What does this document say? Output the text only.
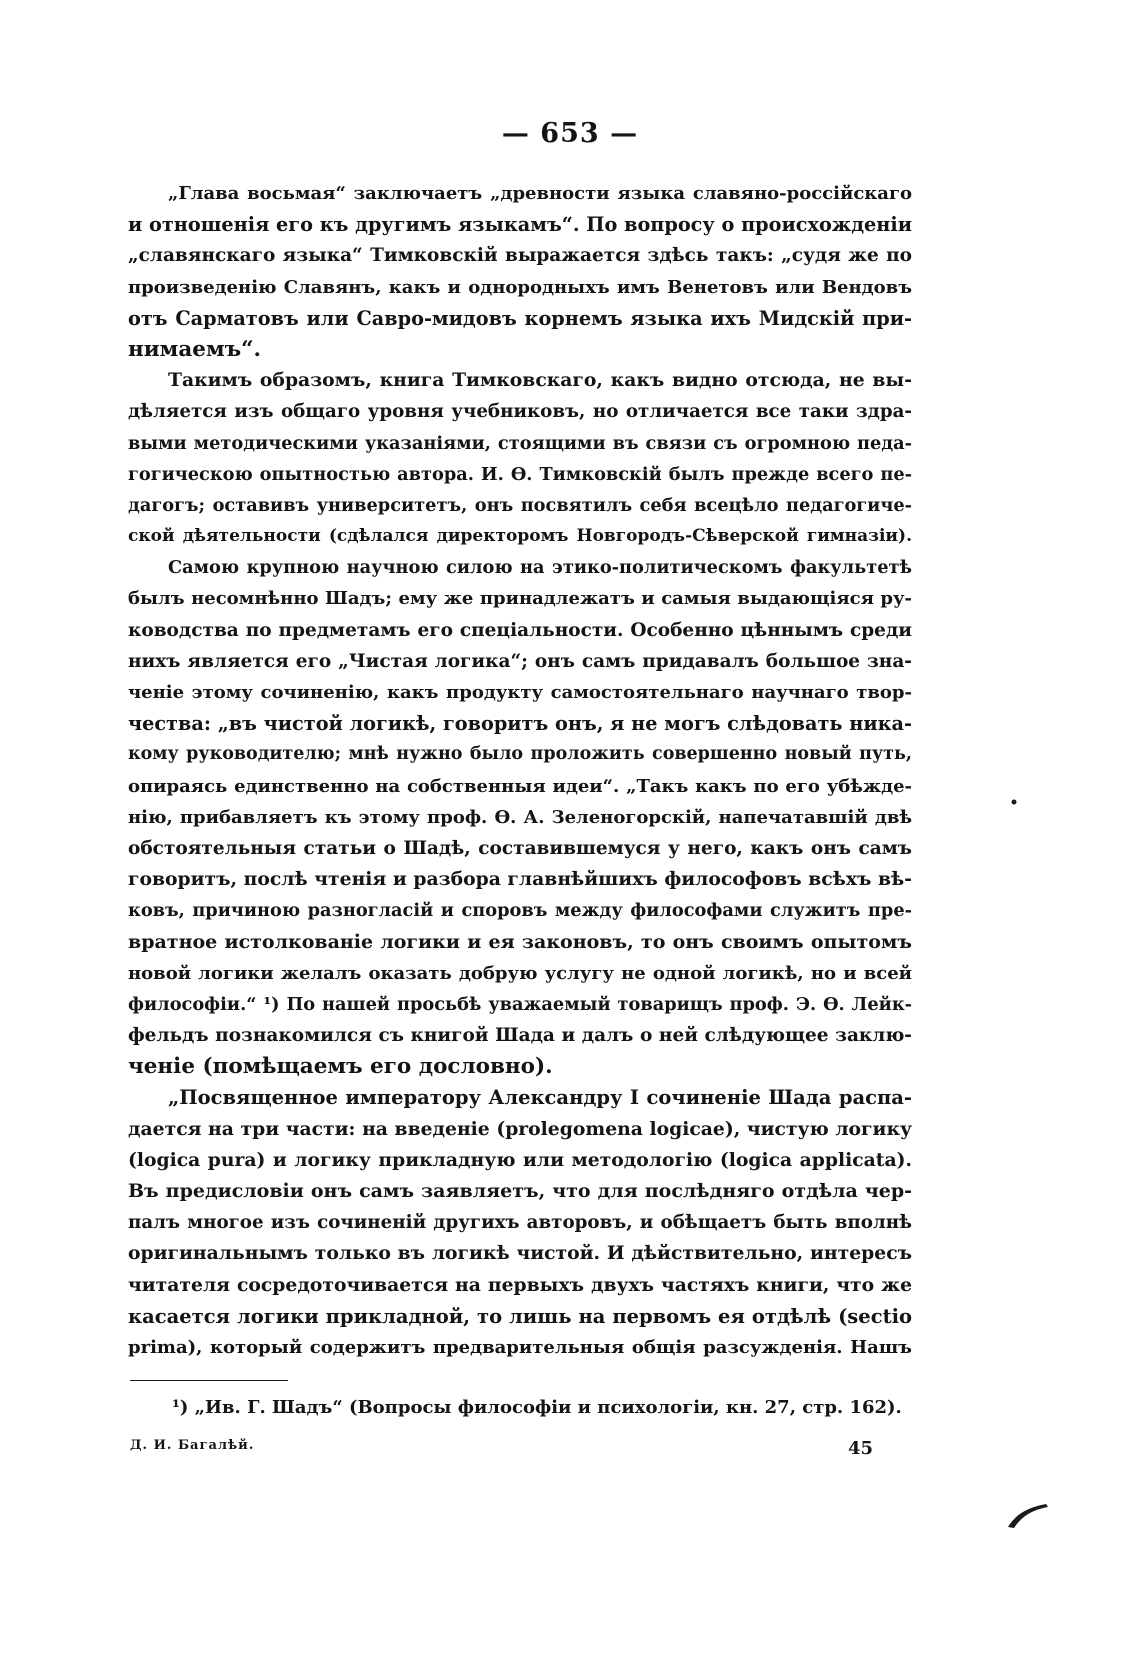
— 653 —
„Глава восьмая“ заключаетъ „древности языка славяно-россiйскаго
и отношенiя его къ другимъ языкамъ“. По вопросу о происхожденiи
„славянскаго языка“ Тимковскiй выражается здѣсь такъ: „судя же по
произведенiю Славянъ, какъ и однородныхъ имъ Венетовъ или Вендовъ
отъ Сарматовъ или Савро-мидовъ корнемъ языка ихъ Мидскiй при-
нимаемъ“.
Такимъ образомъ, книга Тимковскаго, какъ видно отсюда, не вы-
дѣляется изъ общаго уровня учебниковъ, но отличается все таки здра-
выми методическими указанiями, стоящими въ связи съ огромною педа-
гогическою опытностью автора. И. Ѳ. Тимковскiй былъ прежде всего пе-
дагогъ; оставивъ университетъ, онъ посвятилъ себя всецѣло педагогиче-
ской дѣятельности (сдѣлался директоромъ Новгородъ-Сѣверской гимназiи).
Самою крупною научною силою на этико-политическомъ факультетѣ
былъ несомнѣнно Шадъ; ему же принадлежатъ и самыя выдающiяся ру-
ководства по предметамъ его спецiальности. Особенно цѣннымъ среди
нихъ является его „Чистая логика“; онъ самъ придавалъ большое зна-
ченiе этому сочиненiю, какъ продукту самостоятельнаго научнаго твор-
чества: „въ чистой логикѣ, говоритъ онъ, я не могъ слѣдовать ника-
кому руководителю; мнѣ нужно было проложить совершенно новый путь,
опираясь единственно на собственныя идеи“. „Такъ какъ по его убѣжде-
нiю, прибавляетъ къ этому проф. Ѳ. А. Зеленогорскiй, напечатавшiй двѣ
обстоятельныя статьи о Шадѣ, составившемуся у него, какъ онъ самъ
говоритъ, послѣ чтенiя и разбора главнѣйшихъ философовъ всѣхъ вѣ-
ковъ, причиною разногласiй и споровъ между философами служитъ пре-
вратное истолкованiе логики и ея законовъ, то онъ своимъ опытомъ
новой логики желалъ оказать добрую услугу не одной логикѣ, но и всей
философiи.“ ¹) По нашей просьбѣ уважаемый товарищъ проф. Э. Ѳ. Лейк-
фельдъ познакомился съ книгой Шада и далъ о ней слѣдующее заклю-
ченiе (помѣщаемъ его дословно).
„Посвященное императору Александру I сочиненiе Шада распа-
дается на три части: на введенiе (prolegomena logicae), чистую логику
(logica pura) и логику прикладную или методологiю (logica applicata).
Въ предисловiи онъ самъ заявляетъ, что для послѣдняго отдѣла чер-
палъ многое изъ сочиненiй другихъ авторовъ, и обѣщаетъ быть вполнѣ
оригинальнымъ только въ логикѣ чистой. И дѣйствительно, интересъ
читателя сосредоточивается на первыхъ двухъ частяхъ книги, что же
касается логики прикладной, то лишь на первомъ ея отдѣлѣ (sectio
prima), который содержитъ предварительныя общiя разсужденiя. Нашъ
¹) „Ив. Г. Шадъ“ (Вопросы философiи и психологiи, кн. 27, стр. 162).
Д. И. Багалѣй.	45
